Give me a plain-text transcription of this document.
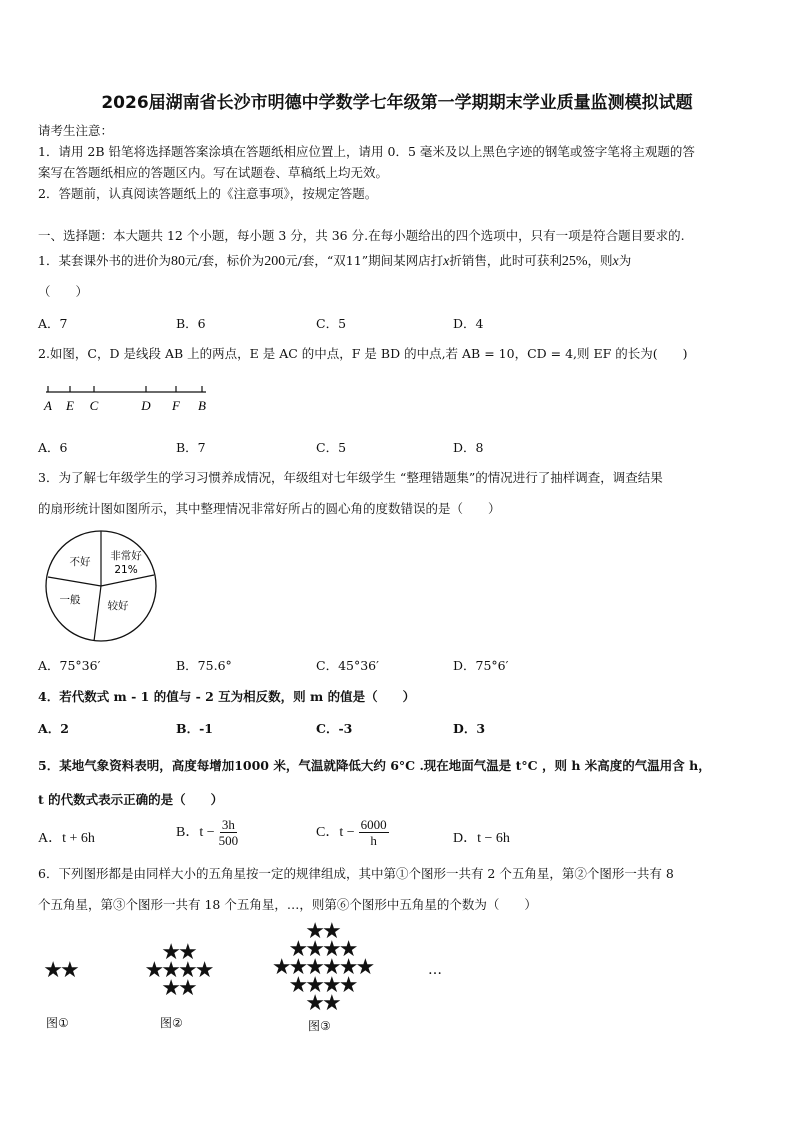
2026届湖南省长沙市明德中学数学七年级第一学期期末学业质量监测模拟试题
请考生注意：
1．请用 2B 铅笔将选择题答案涂填在答题纸相应位置上，请用 0．5 毫米及以上黑色字迹的钢笔或签字笔将主观题的答
案写在答题纸相应的答题区内。写在试题卷、草稿纸上均无效。
2．答题前，认真阅读答题纸上的《注意事项》，按规定答题。
一、选择题：本大题共 12 个小题，每小题 3 分，共 36 分.在每小题给出的四个选项中，只有一项是符合题目要求的.
1．某套课外书的进价为80元/套，标价为200元/套，“双11”期间某网店打x折销售，此时可获利25%，则x为
（　　）
A．7	B．6	C．5	D．4
2.如图，C，D 是线段 AB 上的两点，E 是 AC 的中点，F 是 BD 的中点,若 AB = 10，CD = 4,则 EF 的长为(　　)
A E C	D F B
A．6	B．7	C．5	D．8
3．为了解七年级学生的学习习惯养成情况，年级组对七年级学生 “整理错题集”的情况进行了抽样调查，调查结果
的扇形统计图如图所示，其中整理情况非常好所占的圆心角的度数错误的是（　　）
不好 非常好
21%
一般	较好
A．75°36′	B．75.6°	C．45°36′	D．75°6′
4．若代数式 m - 1 的值与 - 2 互为相反数，则 m 的值是（　　）
A．2	B．-1	C．-3	D．3
5．某地气象资料表明，高度每增加1000 米，气温就降低大约 6°C .现在地面气温是 t°C ，则 h 米高度的气温用含 h，
t 的代数式表示正确的是（　　）
A．t + 6h	B．$t - \frac{3h}{500}$	C．$t - \frac{6000}{h}$	D．t − 6h
6．下列图形都是由同样大小的五角星按一定的规律组成，其中第①个图形一共有 2 个五角星，第②个图形一共有 8
个五角星，第③个图形一共有 18 个五角星，…，则第⑥个图形中五角星的个数为（　　）
★★
★★
★★★★
★★
★★
★★★★
★★★★★★
★★★★
★★
…
图①	图②	图③
